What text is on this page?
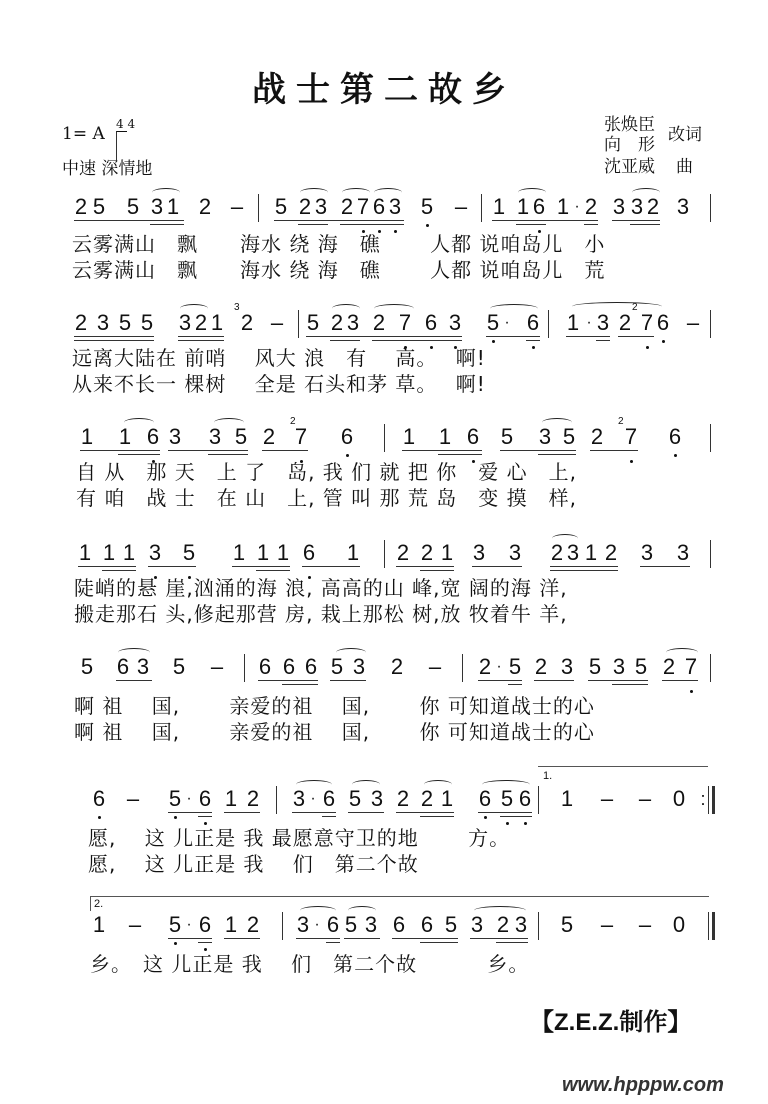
战士第二故乡
1= A 4 4
中速 深情地
张焕臣
向　形 改词
沈亚威 曲
2 5 5 3 1 2 – 5 2 3 2 7 6 3 5 – 1 1 6 1 · 2 3 3 2 3
云雾满山　飘　　海水 绕 海　礁　　 人都 说咱岛儿　小
云雾满山　飘　　海水 绕 海　礁　　 人都 说咱岛儿　荒
2 3 5 5 3 2 1
3
2 – 5 2 3 2 7 6 3 5 · 6 1 · 3 2
2
7 6 –
远离大陆在 前哨　 风大 浪　有　 高。　 啊!
从来不长一 棵树　 全是 石头和茅 草。　 啊!
1 1 6 3 3 5 2
2
7 6 1 1 6 5 3 5 2
2
7 6
自 从　那 天　上 了　岛, 我 们 就 把 你　爱 心　上,
有 咱　战 士　在 山　上, 管 叫 那 荒 岛　变 摸　样,
1 1 1 3 5 1 1 1 6 1 2 2 1 3 3 2 3 1 2 3 3
陡峭的悬 崖,汹涌的海 浪, 高高的山 峰,宽 阔的海 洋,
搬走那石 头,修起那营 房, 栽上那松 树,放 牧着牛 羊,
5 6 3 5 – 6 6 6 5 3 2 – 2 · 5 2 3 5 3 5 2 7
啊 祖　 国,　　 亲爱的祖　 国,　　 你 可知道战士的心
啊 祖　 国,　　 亲爱的祖　 国,　　 你 可知道战士的心
6 – 5 · 6 1 2 3 · 6 5 3 2 2 1 6 5 6
1.
1 – – 0 :
愿,　 这 儿正是 我 最愿意守卫的地　　 方。
愿,　 这 儿正是 我　 们　第二个故
2.
1 – 5 · 6 1 2 3 · 6 5 3 6 6 5 3 2 3 5 – – 0
乡。　这 儿正是 我　 们　第二个故　　　 乡。
【Z.E.Z.制作】
www.hpppw.com
